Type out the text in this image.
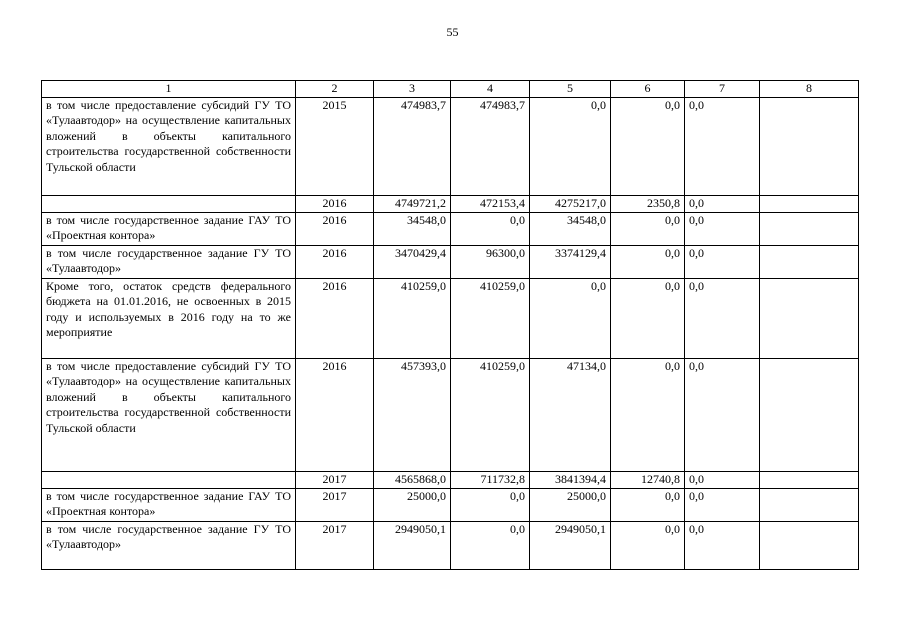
55
1	2	3	4	5	6	7	8
в том числе предоставление субсидий ГУ ТО «Тулаавтодор» на осуществление капитальных вложений в объекты капитального строительства государственной собственности Тульской области	2015	474983,7	474983,7	0,0	0,0	0,0	
	2016	4749721,2	472153,4	4275217,0	2350,8	0,0	
в том числе государственное задание ГАУ ТО «Проектная контора»	2016	34548,0	0,0	34548,0	0,0	0,0	
в том числе государственное задание ГУ ТО «Тулаавтодор»	2016	3470429,4	96300,0	3374129,4	0,0	0,0	
Кроме того, остаток средств федерального бюджета на 01.01.2016, не освоенных в 2015 году и используемых в 2016 году на то же мероприятие	2016	410259,0	410259,0	0,0	0,0	0,0	
в том числе предоставление субсидий ГУ ТО «Тулаавтодор» на осуществление капитальных вложений в объекты капитального строительства государственной собственности Тульской области	2016	457393,0	410259,0	47134,0	0,0	0,0	
	2017	4565868,0	711732,8	3841394,4	12740,8	0,0	
в том числе государственное задание ГАУ ТО «Проектная контора»	2017	25000,0	0,0	25000,0	0,0	0,0	
в том числе государственное задание ГУ ТО «Тулаавтодор»	2017	2949050,1	0,0	2949050,1	0,0	0,0	
